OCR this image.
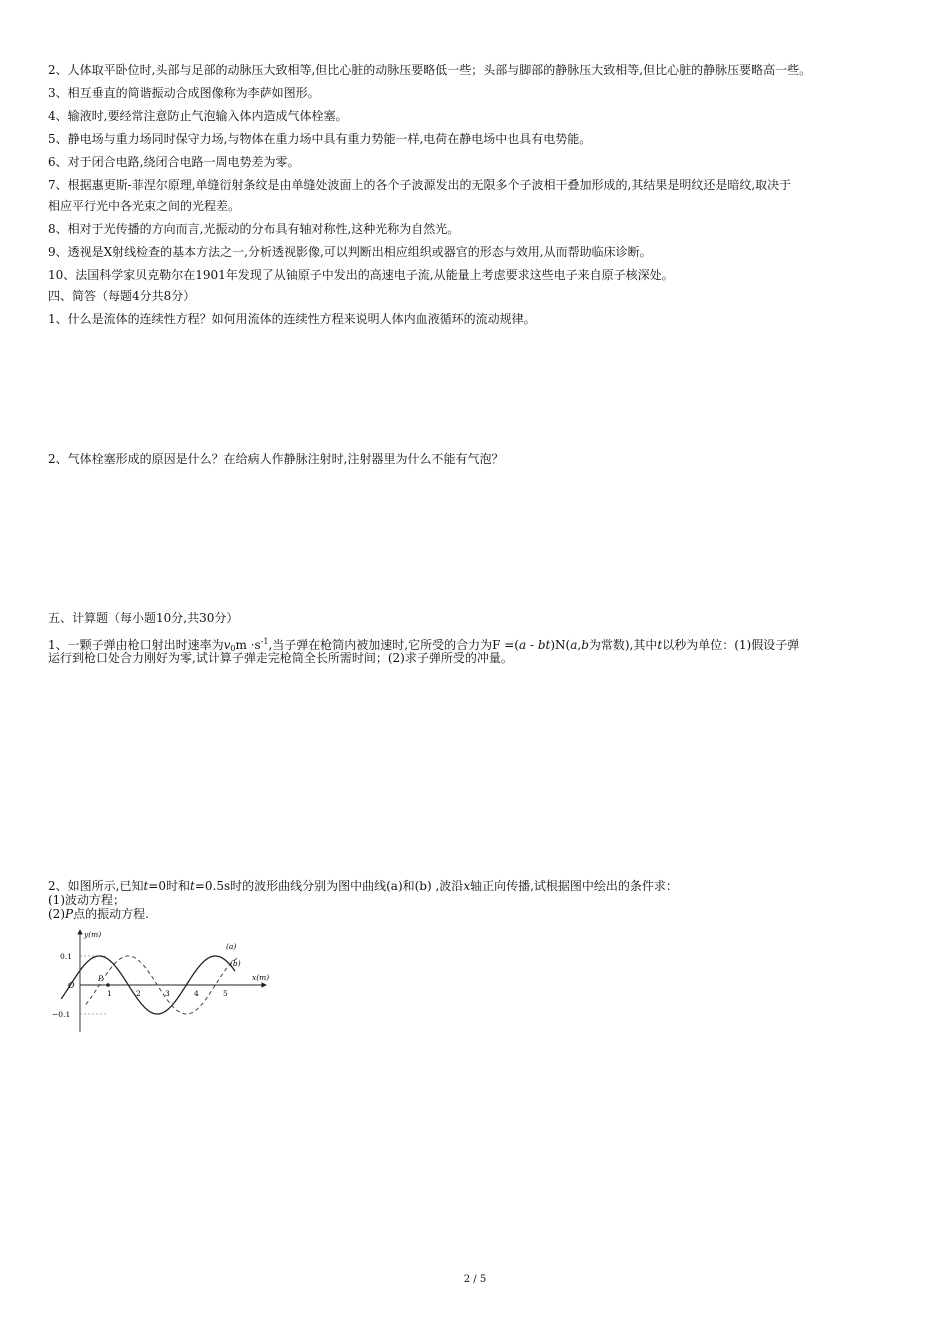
2、人体取平卧位时,头部与足部的动脉压大致相等,但比心脏的动脉压要略低一些；头部与脚部的静脉压大致相等,但比心脏的静脉压要略高一些。
3、相互垂直的简谐振动合成图像称为李萨如图形。
4、输液时,要经常注意防止气泡输入体内造成气体栓塞。
5、静电场与重力场同时保守力场,与物体在重力场中具有重力势能一样,电荷在静电场中也具有电势能。
6、对于闭合电路,绕闭合电路一周电势差为零。
7、根据惠更斯-菲涅尔原理,单缝衍射条纹是由单缝处波面上的各个子波源发出的无限多个子波相干叠加形成的,其结果是明纹还是暗纹,取决于
相应平行光中各光束之间的光程差。
8、相对于光传播的方向而言,光振动的分布具有轴对称性,这种光称为自然光。
9、透视是X射线检查的基本方法之一,分析透视影像,可以判断出相应组织或器官的形态与效用,从而帮助临床诊断。
10、法国科学家贝克勒尔在1901年发现了从铀原子中发出的高速电子流,从能量上考虑要求这些电子来自原子核深处。
四、简答（每题4分共8分）
1、什么是流体的连续性方程？如何用流体的连续性方程来说明人体内血液循环的流动规律。
2、气体栓塞形成的原因是什么？在给病人作静脉注射时,注射器里为什么不能有气泡？
五、计算题（每小题10分,共30分）
1、一颗子弹由枪口射出时速率为$v_0m \cdot s^{-1}$,当子弹在枪筒内被加速时,它所受的合力为F =(a - bt)N(a,b为常数),其中t以秒为单位：(1)假设子弹
运行到枪口处合力刚好为零,试计算子弹走完枪筒全长所需时间；(2)求子弹所受的冲量。
2、如图所示,已知t=0时和t=0.5s时的波形曲线分别为图中曲线(a)和(b) ,波沿x轴正向传播,试根据图中绘出的条件求：
(1)波动方程；
(2)P点的振动方程.
y(m)
x(m)
O
0.1
−0.1
1	2	3	4	5
P
(a)
(b)
2 / 5
